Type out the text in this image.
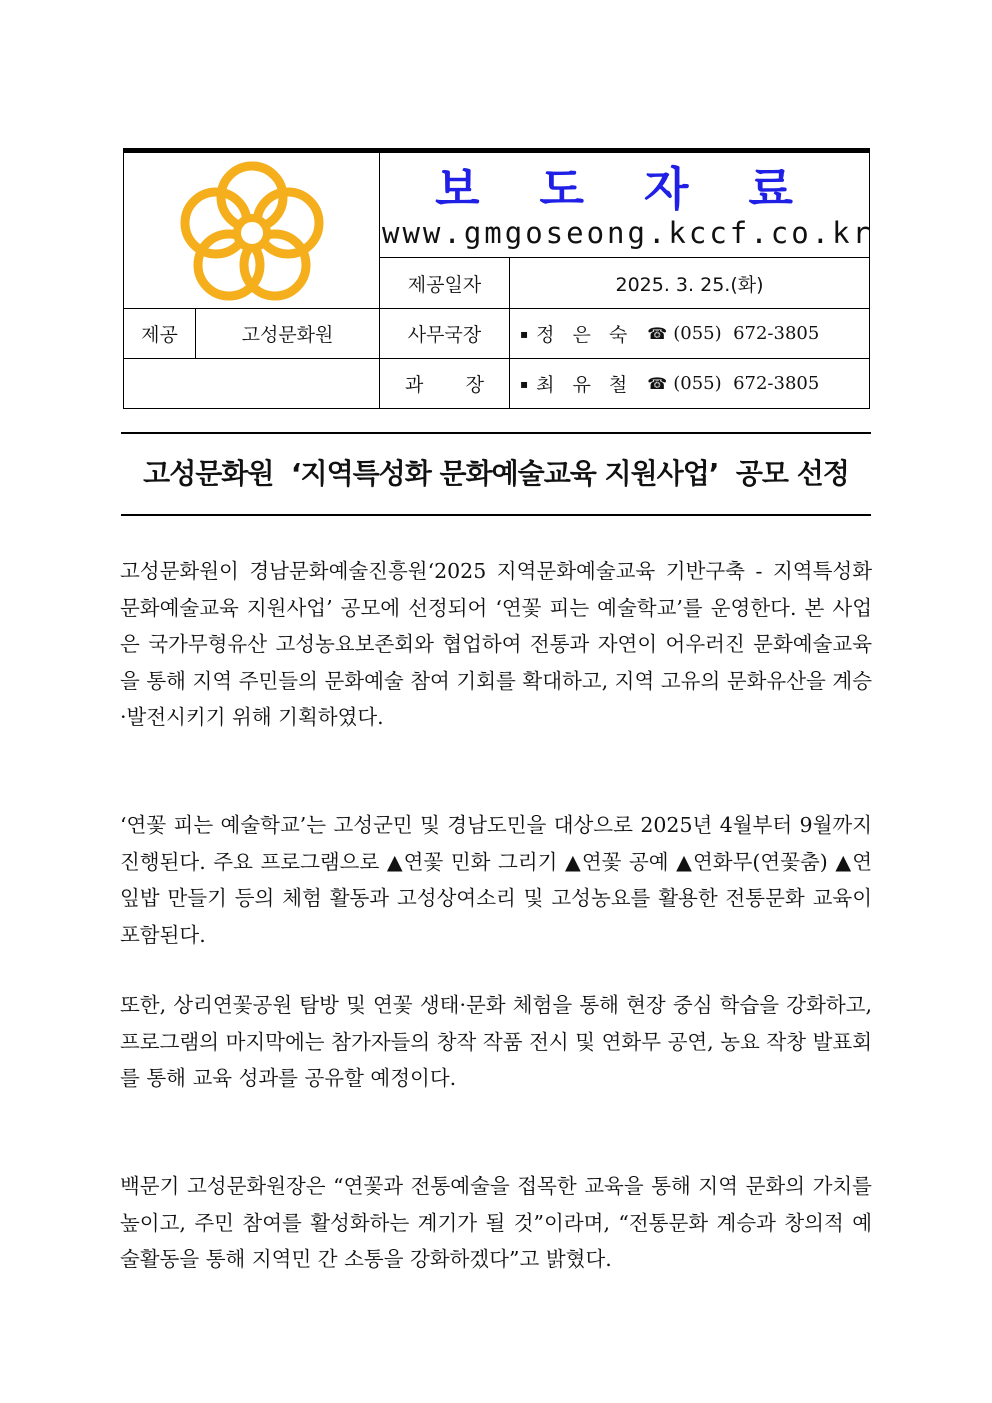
보 도 자 료
www.gmgoseong.kccf.co.kr
제공일자	2025. 3. 25.(화)
제공	고성문화원	사무국장	▪ 정 은 숙 ☎ (055)  672-3805
과       장	▪ 최 유 철 ☎ (055)  672-3805
고성문화원  ‘지역특성화 문화예술교육 지원사업’  공모 선정

고성문화원이 경남문화예술진흥원‘2025 지역문화예술교육 기반구축 - 지역특성화 문화예술교육 지원사업’ 공모에 선정되어 ‘연꽃 피는 예술학교’를 운영한다. 본 사업은 국가무형유산 고성농요보존회와 협업하여 전통과 자연이 어우러진 문화예술교육을 통해 지역 주민들의 문화예술 참여 기회를 확대하고, 지역 고유의 문화유산을 계승·발전시키기 위해 기획하였다.

‘연꽃 피는 예술학교’는 고성군민 및 경남도민을 대상으로 2025년 4월부터 9월까지 진행된다. 주요 프로그램으로 ▲연꽃 민화 그리기 ▲연꽃 공예 ▲연화무(연꽃춤) ▲연잎밥 만들기 등의 체험 활동과 고성상여소리 및 고성농요를 활용한 전통문화 교육이 포함된다.

또한, 상리연꽃공원 탐방 및 연꽃 생태·문화 체험을 통해 현장 중심 학습을 강화하고, 프로그램의 마지막에는 참가자들의 창작 작품 전시 및 연화무 공연, 농요 작창 발표회를 통해 교육 성과를 공유할 예정이다.

백문기 고성문화원장은 “연꽃과 전통예술을 접목한 교육을 통해 지역 문화의 가치를 높이고, 주민 참여를 활성화하는 계기가 될 것”이라며, “전통문화 계승과 창의적 예술활동을 통해 지역민 간 소통을 강화하겠다”고 밝혔다.
